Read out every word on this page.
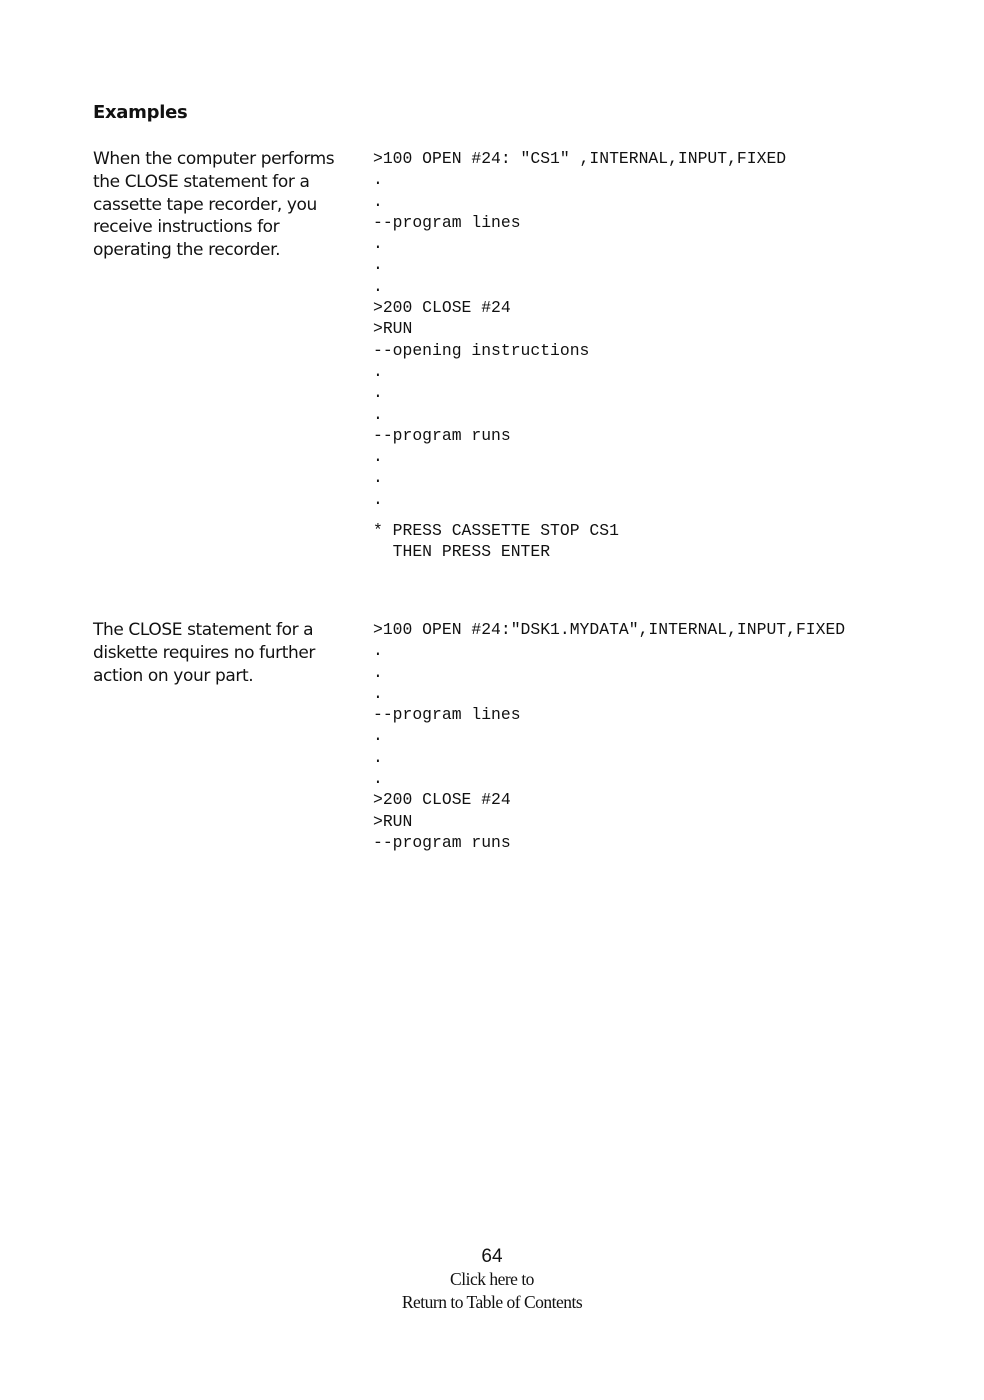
Examples

When the computer performs the CLOSE statement for a cassette tape recorder, you receive instructions for operating the recorder.

>100 OPEN #24: "CS1" ,INTERNAL,INPUT,FIXED
.
.
--program lines
.
.
.
>200 CLOSE #24
>RUN
--opening instructions
.
.
.
--program runs
.
.
.
* PRESS CASSETTE STOP CS1
THEN PRESS ENTER

The CLOSE statement for a diskette requires no further action on your part.

>100 OPEN #24:"DSK1.MYDATA",INTERNAL,INPUT,FIXED
.
.
.
--program lines
.
.
.
>200 CLOSE #24
>RUN
--program runs
64
Click here to
Return to Table of Contents
